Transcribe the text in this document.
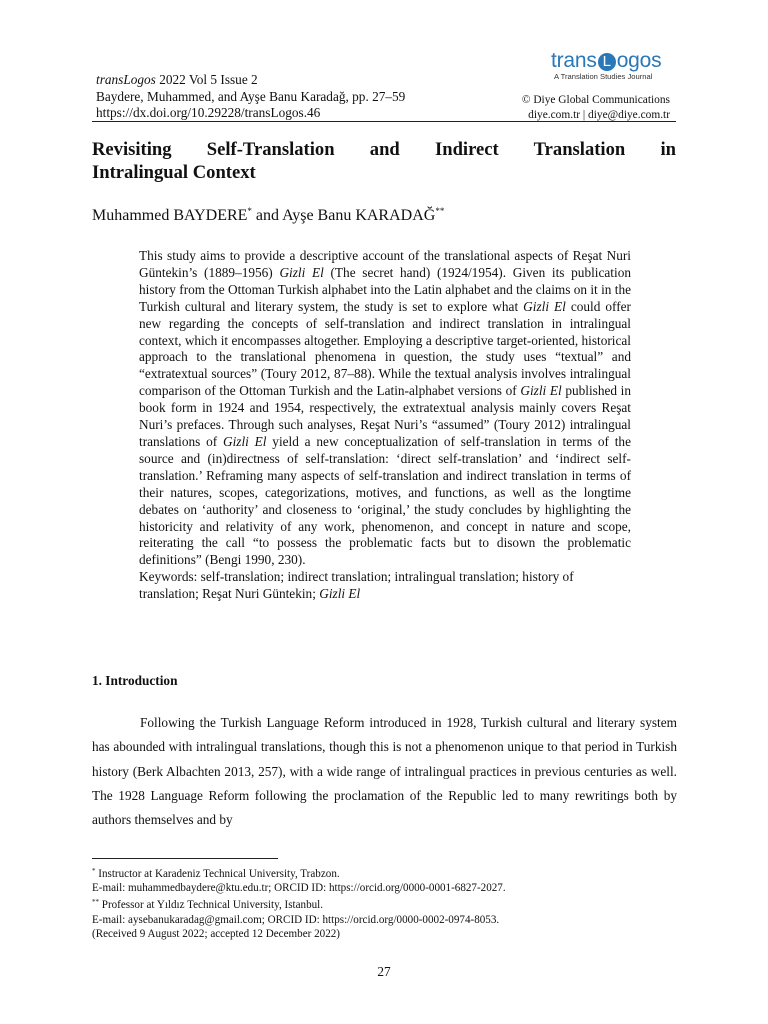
transLogos 2022 Vol 5 Issue 2
Baydere, Muhammed, and Ayşe Banu Karadağ, pp. 27–59
https://dx.doi.org/10.29228/transLogos.46
trans L ogos
A Translation Studies Journal
© Diye Global Communications
diye.com.tr | diye@diye.com.tr
Revisiting Self-Translation and Indirect Translation in
Intralingual Context
Muhammed BAYDERE* and Ayşe Banu KARADAĞ**

This study aims to provide a descriptive account of the translational aspects of Reşat Nuri Güntekin’s (1889–1956) Gizli El (The secret hand) (1924/1954). Given its publication history from the Ottoman Turkish alphabet into the Latin alphabet and the claims on it in the Turkish cultural and literary system, the study is set to explore what Gizli El could offer new regarding the concepts of self-translation and indirect translation in intralingual context, which it encompasses altogether. Employing a descriptive target-oriented, historical approach to the translational phenomena in question, the study uses “textual” and “extratextual sources” (Toury 2012, 87–88). While the textual analysis involves intralingual comparison of the Ottoman Turkish and the Latin-alphabet versions of Gizli El published in book form in 1924 and 1954, respectively, the extratextual analysis mainly covers Reşat Nuri’s prefaces. Through such analyses, Reşat Nuri’s “assumed” (Toury 2012) intralingual translations of Gizli El yield a new conceptualization of self-translation in terms of the source and (in)directness of self-translation: ‘direct self-translation’ and ‘indirect self-translation.’ Reframing many aspects of self-translation and indirect translation in terms of their natures, scopes, categorizations, motives, and functions, as well as the longtime debates on ‘authority’ and closeness to ‘original,’ the study concludes by highlighting the historicity and relativity of any work, phenomenon, and concept in nature and scope, reiterating the call “to possess the problematic facts but to disown the problematic definitions” (Bengi 1990, 230).

Keywords: self-translation; indirect translation; intralingual translation; history of translation; Reşat Nuri Güntekin; Gizli El

1. Introduction

Following the Turkish Language Reform introduced in 1928, Turkish cultural and literary system has abounded with intralingual translations, though this is not a phenomenon unique to that period in Turkish history (Berk Albachten 2013, 257), with a wide range of intralingual practices in previous centuries as well. The 1928 Language Reform following the proclamation of the Republic led to many rewritings both by authors themselves and by

* Instructor at Karadeniz Technical University, Trabzon.
E-mail: muhammedbaydere@ktu.edu.tr; ORCID ID: https://orcid.org/0000-0001-6827-2027.
** Professor at Yıldız Technical University, Istanbul.
E-mail: aysebanukaradag@gmail.com; ORCID ID: https://orcid.org/0000-0002-0974-8053.
(Received 9 August 2022; accepted 12 December 2022)
27
